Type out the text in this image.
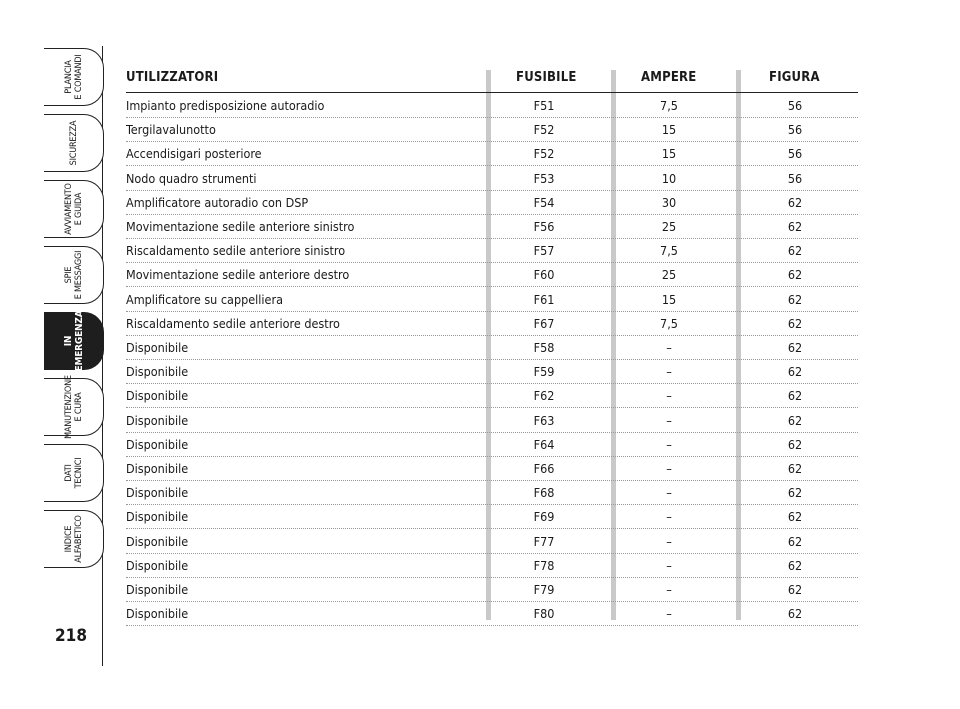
PLANCIA
E COMANDI
SICUREZZA
AVVIAMENTO
E GUIDA
SPIE
E MESSAGGI
IN
EMERGENZA
MANUTENZIONE
E CURA
DATI
TECNICI
INDICE
ALFABETICO
218
UTILIZZATORI	FUSIBILE	AMPERE	FIGURA
Impianto predisposizione autoradio	F51	7,5	56
Tergilavalunotto	F52	15	56
Accendisigari posteriore	F52	15	56
Nodo quadro strumenti	F53	10	56
Amplificatore autoradio con DSP	F54	30	62
Movimentazione sedile anteriore sinistro	F56	25	62
Riscaldamento sedile anteriore sinistro	F57	7,5	62
Movimentazione sedile anteriore destro	F60	25	62
Amplificatore su cappelliera	F61	15	62
Riscaldamento sedile anteriore destro	F67	7,5	62
Disponibile	F58	–	62
Disponibile	F59	–	62
Disponibile	F62	–	62
Disponibile	F63	–	62
Disponibile	F64	–	62
Disponibile	F66	–	62
Disponibile	F68	–	62
Disponibile	F69	–	62
Disponibile	F77	–	62
Disponibile	F78	–	62
Disponibile	F79	–	62
Disponibile	F80	–	62
